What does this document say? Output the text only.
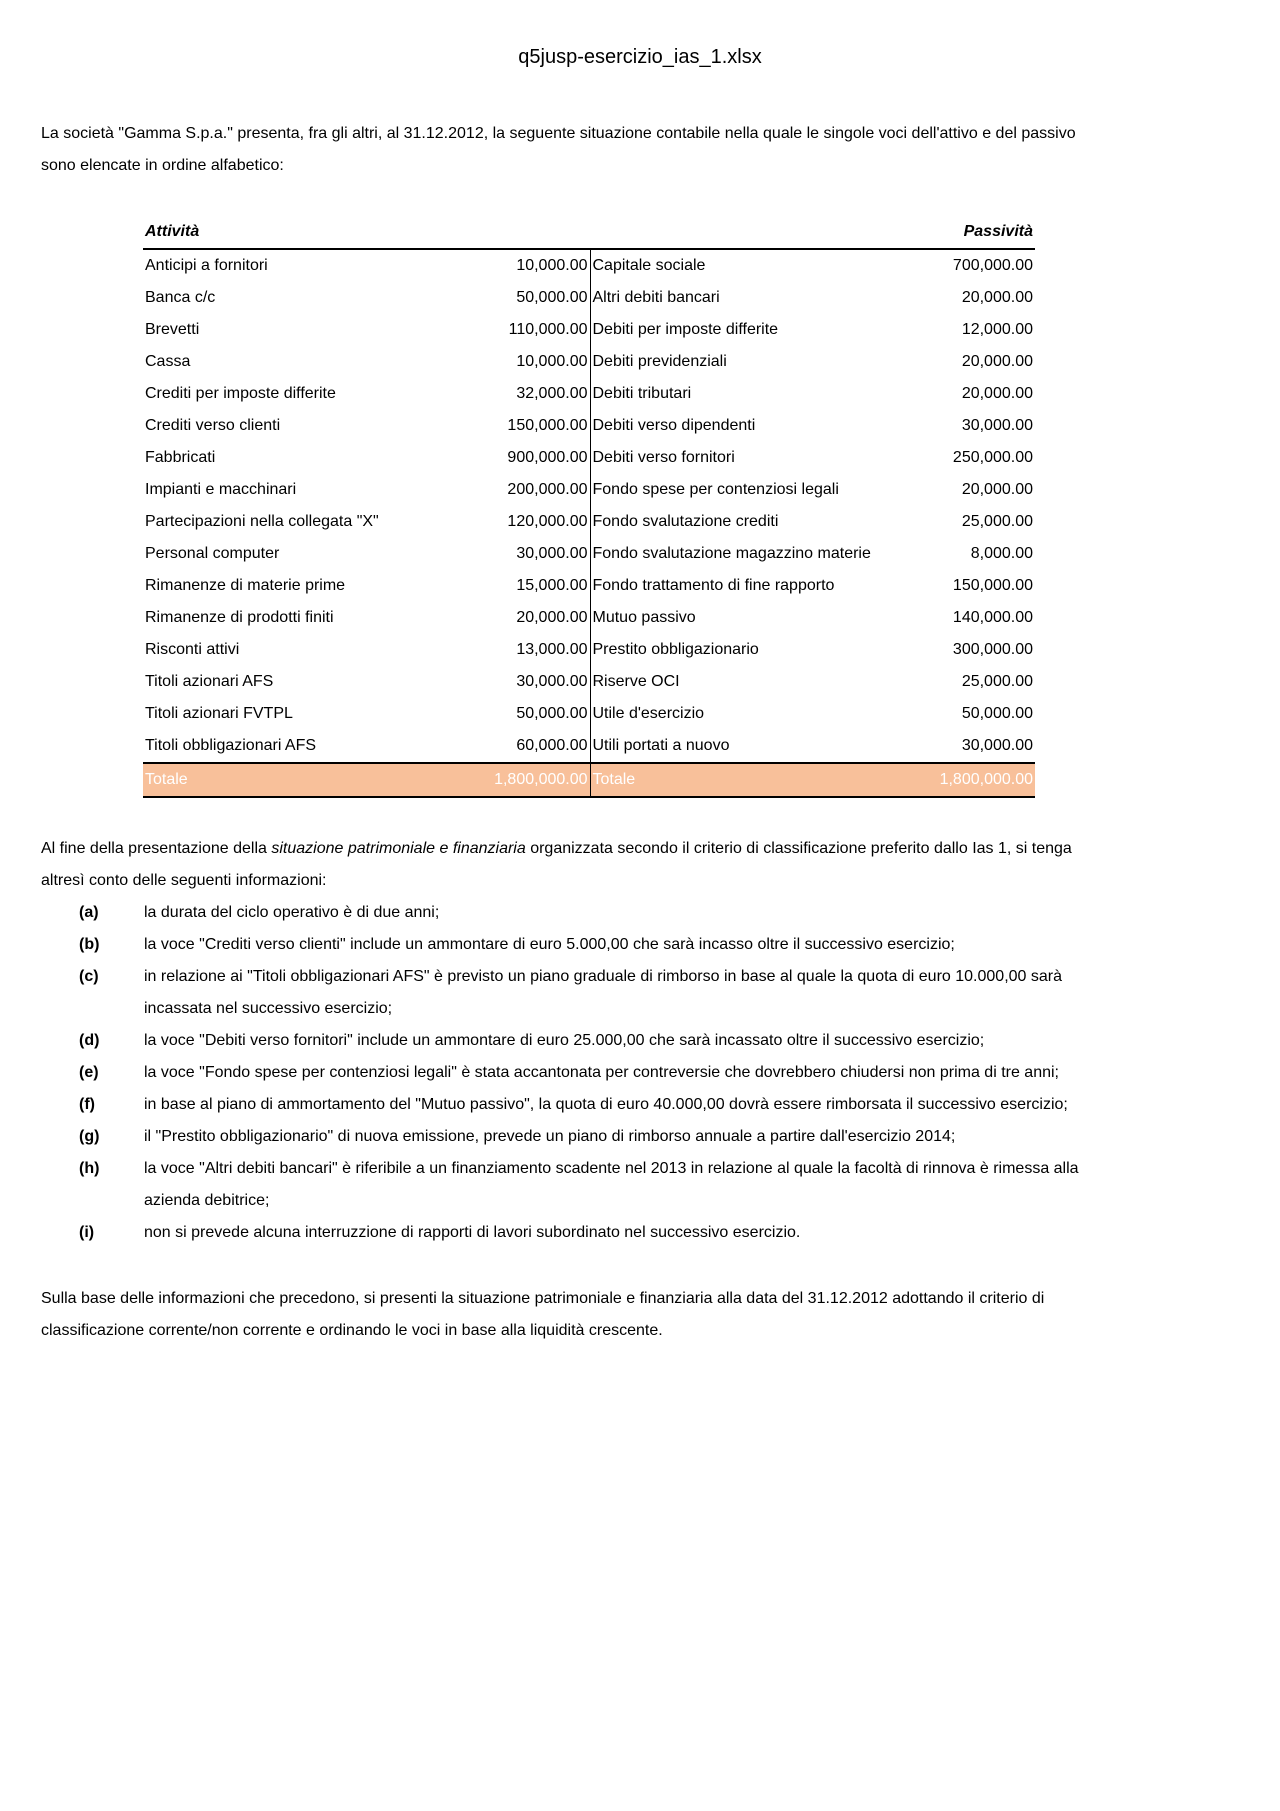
q5jusp-esercizio_ias_1.xlsx
La società "Gamma S.p.a." presenta, fra gli altri, al 31.12.2012, la seguente situazione contabile nella quale le singole voci dell'attivo e del passivo
sono elencate in ordine alfabetico:
Attività			Passività
Anticipi a fornitori	10,000.00	Capitale sociale	700,000.00
Banca c/c	50,000.00	Altri debiti bancari	20,000.00
Brevetti	110,000.00	Debiti per imposte differite	12,000.00
Cassa	10,000.00	Debiti previdenziali	20,000.00
Crediti per imposte differite	32,000.00	Debiti tributari	20,000.00
Crediti verso clienti	150,000.00	Debiti verso dipendenti	30,000.00
Fabbricati	900,000.00	Debiti verso fornitori	250,000.00
Impianti e macchinari	200,000.00	Fondo spese per contenziosi legali	20,000.00
Partecipazioni nella collegata "X"	120,000.00	Fondo svalutazione crediti	25,000.00
Personal computer	30,000.00	Fondo svalutazione magazzino materie	8,000.00
Rimanenze di materie prime	15,000.00	Fondo trattamento di fine rapporto	150,000.00
Rimanenze di prodotti finiti	20,000.00	Mutuo passivo	140,000.00
Risconti attivi	13,000.00	Prestito obbligazionario	300,000.00
Titoli azionari AFS	30,000.00	Riserve OCI	25,000.00
Titoli azionari FVTPL	50,000.00	Utile d'esercizio	50,000.00
Titoli obbligazionari AFS	60,000.00	Utili portati a nuovo	30,000.00
Totale	1,800,000.00	Totale	1,800,000.00
Al fine della presentazione della situazione patrimoniale e finanziaria organizzata secondo il criterio di classificazione preferito dallo Ias 1, si tenga
altresì conto delle seguenti informazioni:
(a)	la durata del ciclo operativo è di due anni;
(b)	la voce "Crediti verso clienti" include un ammontare di euro 5.000,00 che sarà incasso oltre il successivo esercizio;
(c)	in relazione ai "Titoli obbligazionari AFS" è previsto un piano graduale di rimborso in base al quale la quota di euro 10.000,00 sarà
incassata nel successivo esercizio;
(d)	la voce "Debiti verso fornitori" include un ammontare di euro 25.000,00 che sarà incassato oltre il successivo esercizio;
(e)	la voce "Fondo spese per contenziosi legali" è stata accantonata per contreversie che dovrebbero chiudersi non prima di tre anni;
(f)	in base al piano di ammortamento del "Mutuo passivo", la quota di euro 40.000,00 dovrà essere rimborsata il successivo esercizio;
(g)	il "Prestito obbligazionario" di nuova emissione, prevede un piano di rimborso annuale a partire dall'esercizio 2014;
(h)	la voce "Altri debiti bancari" è riferibile a un finanziamento scadente nel 2013 in relazione al quale la facoltà di rinnova è rimessa alla
azienda debitrice;
(i)	non si prevede alcuna interruzzione di rapporti di lavori subordinato nel successivo esercizio.
Sulla base delle informazioni che precedono, si presenti la situazione patrimoniale e finanziaria alla data del 31.12.2012 adottando il criterio di
classificazione corrente/non corrente e ordinando le voci in base alla liquidità crescente.
